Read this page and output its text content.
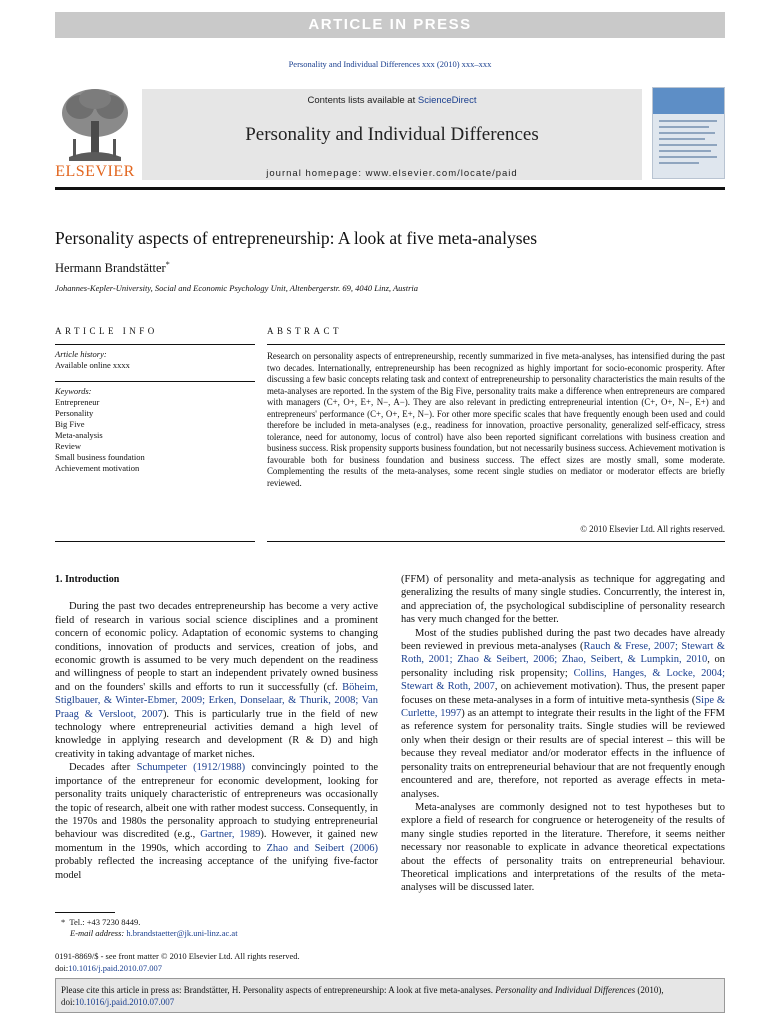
ARTICLE IN PRESS
Personality and Individual Differences xxx (2010) xxx–xxx
ELSEVIER
Contents lists available at ScienceDirect
Personality and Individual Differences
journal homepage: www.elsevier.com/locate/paid
Personality aspects of entrepreneurship: A look at five meta-analyses
Hermann Brandstätter*
Johannes-Kepler-University, Social and Economic Psychology Unit, Altenbergerstr. 69, 4040 Linz, Austria
ARTICLE INFO	ABSTRACT
Article history:
Available online xxxx
Keywords:
Entrepreneur
Personality
Big Five
Meta-analysis
Review
Small business foundation
Achievement motivation
Research on personality aspects of entrepreneurship, recently summarized in five meta-analyses, has intensified during the past two decades. Internationally, entrepreneurship has been recognized as highly important for socio-economic prosperity. After discussing a few basic concepts relating task and context of entrepreneurship to personality characteristics the main results of the meta-analyses are reported. In the system of the Big Five, personality traits make a difference when entrepreneurs are compared with managers (C+, O+, E+, N−, A−). They are also relevant in predicting entrepreneurial intention (C+, O+, N−, E+) and entrepreneurs' performance (C+, O+, E+, N−). For other more specific scales that have frequently enough been used and could therefore be included in meta-analyses (e.g., readiness for innovation, proactive personality, generalized self-efficacy, stress tolerance, need for autonomy, locus of control) have also been reported significant correlations with business creation and business success. Risk propensity supports business foundation, but not necessarily business success. Achievement motivation is favourable both for business foundation and business success. The effect sizes are mostly small, some moderate. Complementing the results of the meta-analyses, some recent single studies on mediator or moderator effects are briefly reviewed.
© 2010 Elsevier Ltd. All rights reserved.

1. Introduction

During the past two decades entrepreneurship has become a very active field of research in various social science disciplines and a prominent concern of economic policy. Adaptation of economic systems to changing conditions, innovation of products and services, creation of jobs, and economic growth is assumed to be very much dependent on the readiness and willingness of people to start an independent privately owned business and on the founders' skills and efforts to run it successfully (cf. Böheim, Stiglbauer, & Winter-Ebmer, 2009; Erken, Donselaar, & Thurik, 2008; Van Praag & Versloot, 2007). This is particularly true in the field of new technology where entrepreneurial activities demand a high level of knowledge in applying research and development (R & D) and high creativity in taking advantage of market niches.

Decades after Schumpeter (1912/1988) convincingly pointed to the importance of the entrepreneur for economic development, looking for personality traits uniquely characteristic of entrepreneurs was occasionally the topic of research, albeit one with rather modest success. Consequently, in the 1970s and 1980s the personality approach to studying entrepreneurial behaviour was discredited (e.g., Gartner, 1989). However, it gained new momentum in the 1990s, which according to Zhao and Seibert (2006) probably reflected the increasing acceptance of the unifying five-factor model

(FFM) of personality and meta-analysis as technique for aggregating and generalizing the results of many single studies. Concurrently, the interest in, and appreciation of, the psychological subdiscipline of personality research has very much changed for the better.

Most of the studies published during the past two decades have already been reviewed in previous meta-analyses (Rauch & Frese, 2007; Stewart & Roth, 2001; Zhao & Seibert, 2006; Zhao, Seibert, & Lumpkin, 2010, on personality including risk propensity; Collins, Hanges, & Locke, 2004; Stewart & Roth, 2007, on achievement motivation). Thus, the present paper focuses on these meta-analyses in a form of intuitive meta-synthesis (Sipe & Curlette, 1997) as an attempt to integrate their results in the light of the FFM as reference system for personality traits. Single studies will be reviewed only when their design or their results are of special interest – this will be because they reveal mediator and/or moderator effects in the influence of personality traits on entrepreneurial behaviour that are not frequently enough encountered and are, therefore, not reported as average effects in meta-analyses.

Meta-analyses are commonly designed not to test hypotheses but to explore a field of research for congruence or heterogeneity of the results of many single studies reported in the literature. Therefore, it seems neither necessary nor reasonable to explicate in advance theoretical expectations about the effects of personality traits on entrepreneurial behaviour. Theoretical implications and interpretations of the results of the meta-analyses will be discussed later.

* Tel.: +43 7230 8449.
E-mail address: h.brandstaetter@jk.uni-linz.ac.at
0191-8869/$ - see front matter © 2010 Elsevier Ltd. All rights reserved.
doi:10.1016/j.paid.2010.07.007
Please cite this article in press as: Brandstätter, H. Personality aspects of entrepreneurship: A look at five meta-analyses. Personality and Individual Differences (2010), doi:10.1016/j.paid.2010.07.007
